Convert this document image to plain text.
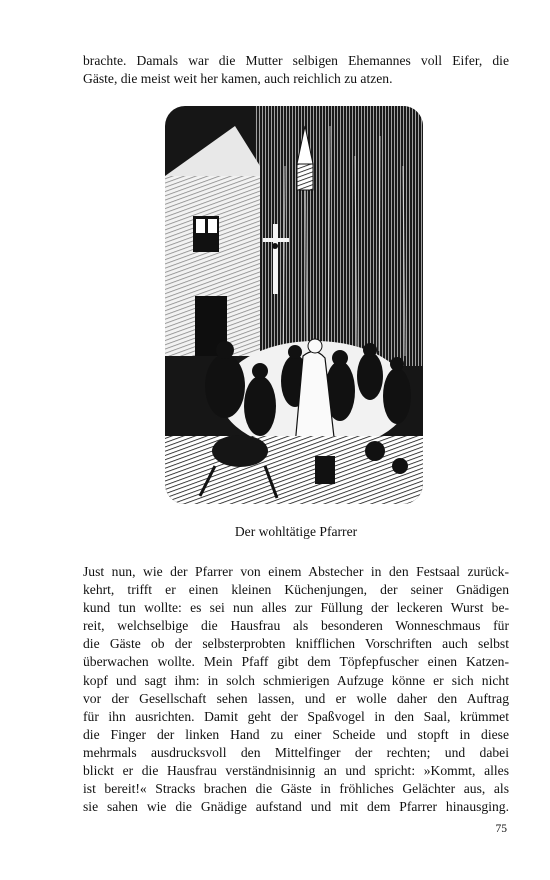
brachte. Damals war die Mutter selbigen Ehemannes voll Eifer, die
Gäste, die meist weit her kamen, auch reichlich zu atzen.

Der wohltätige Pfarrer

Just nun, wie der Pfarrer von einem Abstecher in den Festsaal zurück-
kehrt, trifft er einen kleinen Küchenjungen, der seiner Gnädigen
kund tun wollte: es sei nun alles zur Füllung der leckeren Wurst be-
reit, welchselbige die Hausfrau als besonderen Wonneschmaus für
die Gäste ob der selbsterprobten knifflichen Vorschriften auch selbst
überwachen wollte. Mein Pfaff gibt dem Töpfepfuscher einen Katzen-
kopf und sagt ihm: in solch schmierigen Aufzuge könne er sich nicht
vor der Gesellschaft sehen lassen, und er wolle daher den Auftrag
für ihn ausrichten. Damit geht der Spaßvogel in den Saal, krümmet
die Finger der linken Hand zu einer Scheide und stopft in diese
mehrmals ausdrucksvoll den Mittelfinger der rechten; und dabei
blickt er die Hausfrau verständnisinnig an und spricht: »Kommt, alles
ist bereit!« Stracks brachen die Gäste in fröhliches Gelächter aus, als
sie sahen wie die Gnädige aufstand und mit dem Pfarrer hinausging.

75
